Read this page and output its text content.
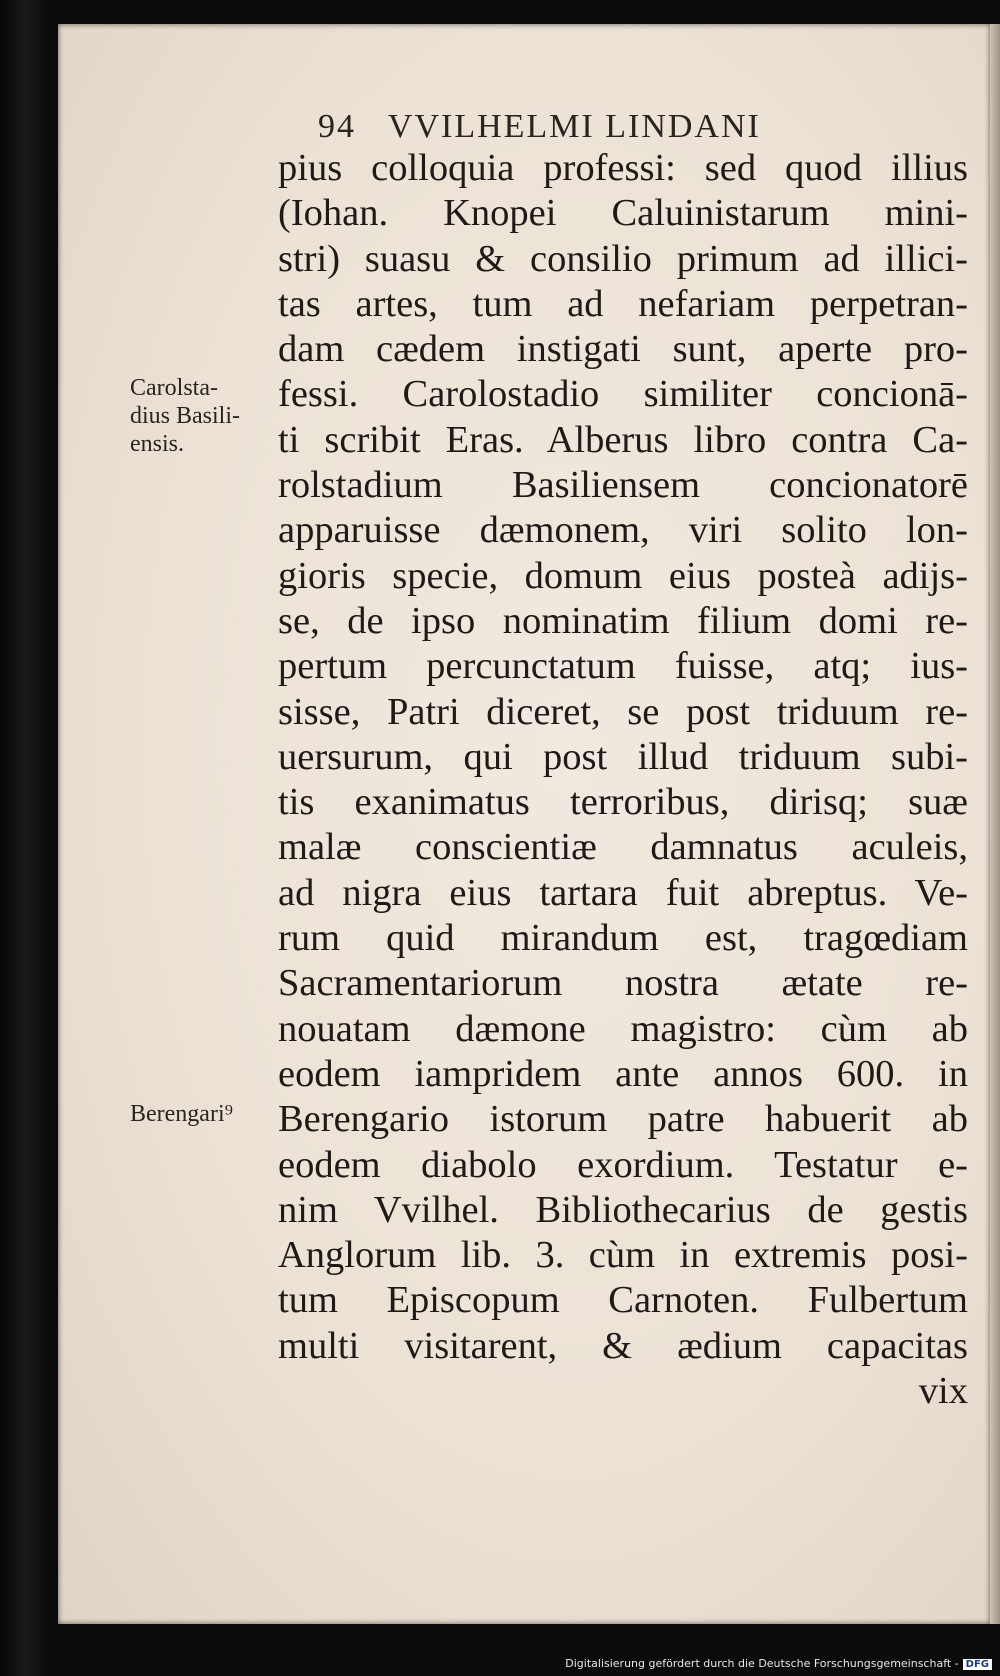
94 VVILHELMI LINDANI
pius colloquia professi: sed quod illius
(Iohan. Knopei Caluinistarum mini-
stri) suasu & consilio primum ad illici-
tas artes, tum ad nefariam perpetran-
dam cædem instigati sunt, aperte pro-
fessi. Carolostadio similiter concionā-
ti scribit Eras. Alberus libro contra Ca-
rolstadium Basiliensem concionatorē
apparuisse dæmonem, viri solito lon-
gioris specie, domum eius posteà adijs-
se, de ipso nominatim filium domi re-
pertum percunctatum fuisse, atq; ius-
sisse, Patri diceret, se post triduum re-
uersurum, qui post illud triduum subi-
tis exanimatus terroribus, dirisq; suæ
malæ conscientiæ damnatus aculeis,
ad nigra eius tartara fuit abreptus. Ve-
rum quid mirandum est, tragœdiam
Sacramentariorum nostra ætate re-
nouatam dæmone magistro: cùm ab
eodem iampridem ante annos 600. in
Berengario istorum patre habuerit ab
eodem diabolo exordium. Testatur e-
nim Vvilhel. Bibliothecarius de gestis
Anglorum lib. 3. cùm in extremis posi-
tum Episcopum Carnoten. Fulbertum
multi visitarent, & ædium capacitas
vix
Carolsta-
dius Basili-
ensis.
Berengari⁹
Digitalisierung gefördert durch die Deutsche Forschungsgemeinschaft - DFG
